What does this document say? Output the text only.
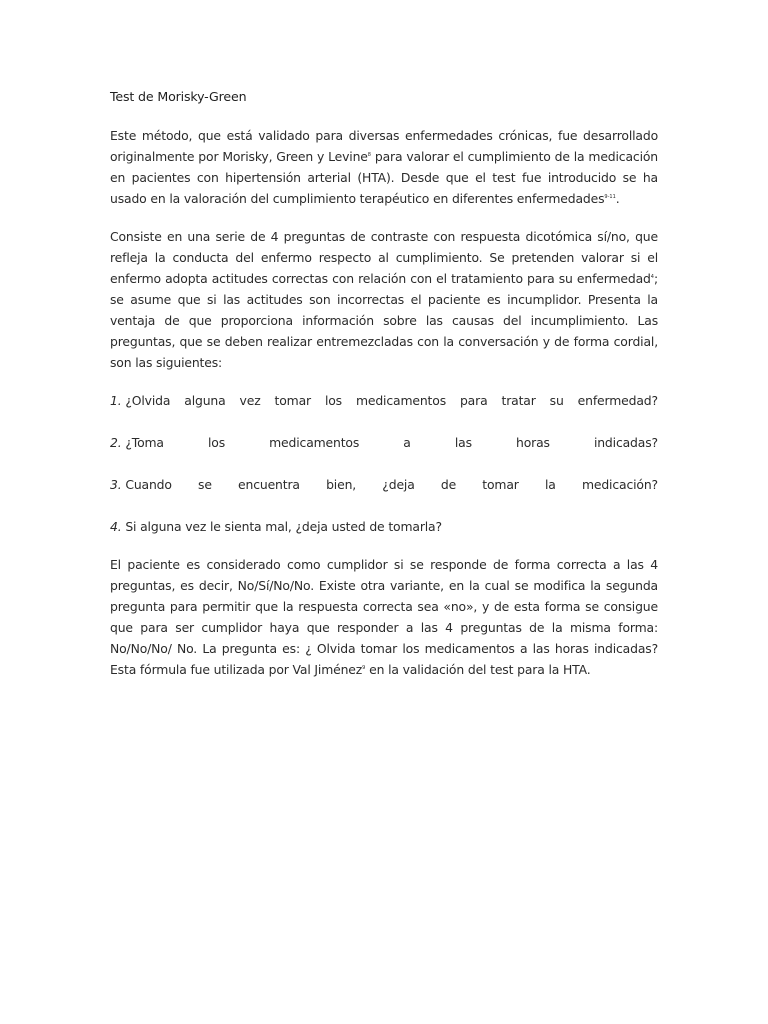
Test de Morisky-Green

Este método, que está validado para diversas enfermedades crónicas, fue desarrollado originalmente por Morisky, Green y Levine$^8$ para valorar el cumplimiento de la medicación en pacientes con hipertensión arterial (HTA). Desde que el test fue introducido se ha usado en la valoración del cumplimiento terapéutico en diferentes enfermedades$^{9-11}$.

Consiste en una serie de 4 preguntas de contraste con respuesta dicotómica sí/no, que refleja la conducta del enfermo respecto al cumplimiento. Se pretenden valorar si el enfermo adopta actitudes correctas con relación con el tratamiento para su enfermedad$^4$; se asume que si las actitudes son incorrectas el paciente es incumplidor. Presenta la ventaja de que proporciona información sobre las causas del incumplimiento. Las preguntas, que se deben realizar entremezcladas con la conversación y de forma cordial, son las siguientes:

1. ¿Olvida alguna vez tomar los medicamentos para tratar su enfermedad?
2. ¿Toma	los	medicamentos	a	las	horas	indicadas?
3. Cuando se encuentra bien, ¿deja de tomar la medicación?
4. Si alguna vez le sienta mal, ¿deja usted de tomarla?

El paciente es considerado como cumplidor si se responde de forma correcta a las 4 preguntas, es decir, No/Sí/No/No. Existe otra variante, en la cual se modifica la segunda pregunta para permitir que la respuesta correcta sea «no», y de esta forma se consigue que para ser cumplidor haya que responder a las 4 preguntas de la misma forma: No/No/No/ No. La pregunta es: ¿ Olvida tomar los medicamentos a las horas indicadas? Esta fórmula fue utilizada por Val Jiménez$^9$ en la validación del test para la HTA.
